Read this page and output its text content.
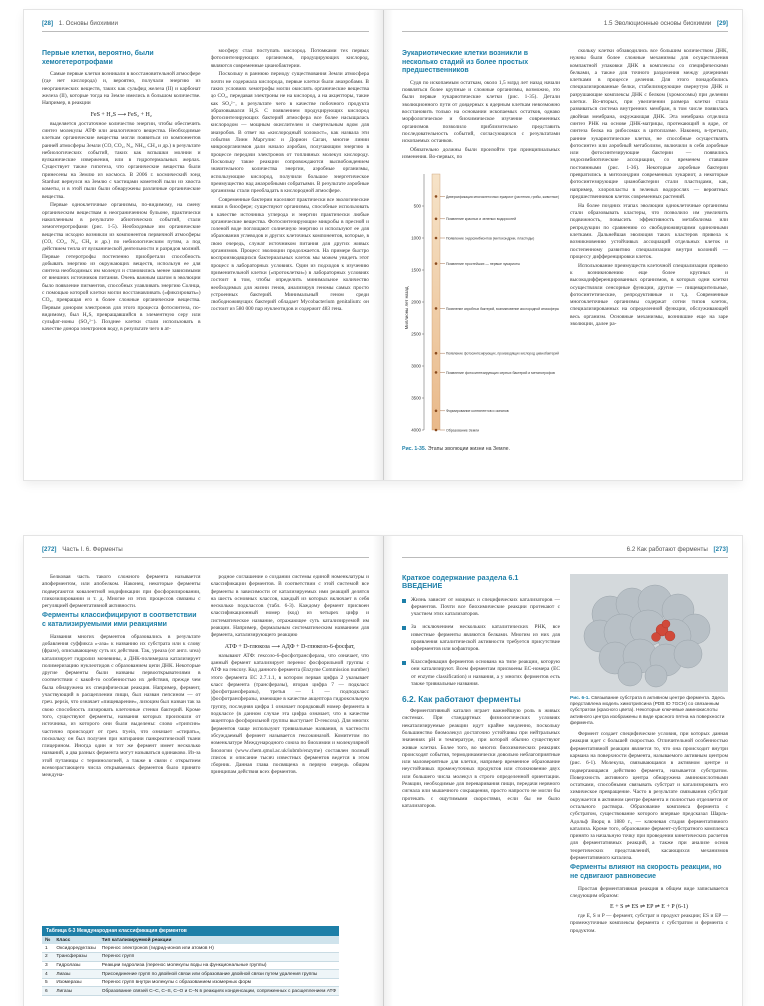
[28] 1. Основы биохимии
Первые клетки, вероятно, были хемогетеротрофами

Самые первые клетки возникали в восстановительной атмосфере (где нет кислорода) и, вероятно, получали энергию из неорганических веществ, таких как сульфид железа (II) и карбонат железа (II), которые тогда на Земле имелись в большом количестве. Например, в реакции

FeS + H₂S ⟶ FeS₂ + H₂

выделяется достаточное количество энергии, чтобы обеспечить синтез молекулы АТФ или аналогичного вещества. Необходимые клеткам органические вещества могли появиться из компонентов ранней атмосферы Земли (CO, CO₂, N₂, NH₃, CH₄ и др.) в результате небиологических событий, таких как вспышки молнии и вулканические извержения, или в гидротермальных жерлах. Существует также гипотеза, что органические вещества были принесены на Землю из космоса. В 2006 г. космический зонд Stardust вернулся на Землю с частицами кометной пыли из хвоста кометы, и в этой пыли были обнаружены различные органические вещества.

Первые одноклеточные организмы, по-видимому, на смену органическим веществам в неограниченном бульоне, практически накопленным в результате абиотических событий, стали хемогетеротрофами (рис. 1-5). Необходимые им органические вещества исходно возникли из компонентов первичной атмосферы (CO, CO₂, N₂, CH₄ и др.) по небиологическим путям, а под действием тепла от вулканической деятельности и разрядов молний. Первые гетеротрофы постепенно приобретали способность добывать энергию из окружающих веществ, используя ее для синтеза необходимых им молекул и становились менее зависимыми от внешних источников питания. Очень важным шагом в эволюции было появление пигментов, способных улавливать энергию Солнца, с помощью которой клетки могли восстанавливать («фиксировать») CO₂, превращая его в более сложные органические вещества. Первым донором электронов для этого процесса фотосинтеза, по-видимому, был H₂S, превращавшийся в элементную серу или сульфат-ионы (SO₄²⁻). Позднее клетки стали использовать в качестве донора электронов воду, в результате чего в ат-

мосферу стал поступать кислород. Потомками тех первых фотосинтезирующих организмов, продуцирующих кислород, являются современные цианобактерии.

Поскольку в раннюю периоду существования Земли атмосфера почти не содержала кислорода, первые клетки были анаэробами. В таких условиях хемотрофы могли окислять органические вещества до CO₂, передавая электроны не на кислород, а на акцепторы, такие как SO₄²⁻, в результате чего в качестве побочного продукта образовывался H₂S. С появлением продуцирующих кислород фотосинтезирующих бактерий атмосфера все более насыщалась кислородом — мощным окислителем и смертельным ядом для анаэробов. В ответ на «кислородный холокост», как назвала эти события Линн Маргулис и Дорион Саган, многие линии микроорганизмов дали начало аэробам, получающим энергию в процессе передачи электронов от топливных молекул кислороду. Поскольку такие реакции сопровождаются высвобождением значительного количества энергии, аэробные организмы, использующие кислород, получили большое энергетическое преимущество над анаэробными собратьями. В результате аэробные организмы стали преобладать в кислородной атмосфере.

Современные бактерии населяют практически все экологические ниши в биосфере; существуют организмы, способные использовать в качестве источника углерода и энергии практически любые органические вещества. Фотосинтезирующие микробы в пресной и соленой воде поглощают солнечную энергию и используют ее для образования углеводов и других клеточных компонентов, которые, в свою очередь, служат источником питания для других живых организмов. Процесс эволюции продолжается. На примере быстро воспроизводящихся бактериальных клеток мы можем увидеть этот процесс в лабораторных условиях. Один из подходов к изучению применительной клетки («протоклетки») в лабораторных условиях состоит в том, чтобы определить минимальное количество необходимых для жизни генов, анализируя геномы самых просто устроенных бактерий. Минимальный геном среди свободноживущих бактерий обладает Mycobacterium genitalium: он состоит из 580 000 пар нуклеотидов и содержит 483 гена.

1.5 Эволюционные основы биохимии [29]
Эукариотические клетки возникли в несколько стадий из более простых предшественников

Судя по ископаемым остаткам, около 1,5 млрд лет назад начали появляться более крупные и сложные организмы, возможно, это были первые эукариотические клетки (рис. 1-35). Детали эволюционного пути от доядерных к ядерным клеткам невозможно восстановить только на основании ископаемых остатков, однако морфологическое и биохимическое изучение современных организмов позволило приблизительно представить последовательность событий, согласующихся с результатами ископаемых останков.

Обязательно должны были произойти три принципиальных изменения. Во-первых, по

500
1000
1500
2000
2500
3000
3500
4000
Миллионы лет назад
Диверсификация многоклеточных эукариот (растения, грибы, животные)
Появление красных и зеленых водорослей
Появление эндосимбионтов (митохондрии, пластиды)
Появление простейших — первые эукариоты
Появление аэробных бактерий, возникновение кислородной атмосферы
Появление фотосинтезирующих, производящих кислород цианобактерий
Появление фотосинтезирующих серных бактерий и метанотрофов
Формирование континентов и океанов
Образование Земли
Рис. 1-35. Этапы эволюции жизни на Земле.

скольку клетки обзаводились все большим количеством ДНК, нужны были более сложные механизмы для осуществления компактной упаковки ДНК в комплексы со специфическими белками, а также для точного разделения между дочерними клетками в процессе деления. Для этого понадобились специализированные белки, стабилизирующие свернутую ДНК и разрушающие комплексы ДНК с белком (хромосомы) при делении клетки. Во-вторых, при увеличении размера клетки стала развиваться система внутренних мембран, в том числе появилась двойная мембрана, окружающая ДНК. Эта мембрана отделила синтез РНК на основе ДНК-матрицы, протекающий в ядре, от синтеза белка на рибосомах в цитоплазме. Наконец, в-третьих, ранние эукариотические клетки, не способные осуществлять фотосинтез или аэробный метаболизм, включили в себя аэробные или фотосинтезирующие бактерии — появились эндосимбиотические ассоциации, со временем ставшие постоянными (рис. 1-36). Некоторые аэробные бактерии превратились в митохондрии современных эукариот, а некоторые фотосинтезирующие цианобактерии стали пластидами, как, например, хлоропласты в зеленых водорослях — вероятных предшественников клеток современных растений.

На более поздних этапах эволюции одноклеточные организмы стали образовывать кластеры, что позволило им увеличить подвижность, повысить эффективность метаболизма или репродукции по сравнению со свободноживущими одиночными клетками. Дальнейшая эволюция таких кластеров привела к возникновению устойчивых ассоциаций отдельных клеток и постепенному развитию специализации внутри колоний — процессу дифференцировки клеток.

Использование преимуществ клеточной специализации привело к возникновению еще более крупных и высокодифференцированных организмов, в которых одни клетки осуществляли сенсорные функции, другие — пищеварительные, фотосинтетические, репродуктивные и т.д. Современные многоклеточные организмы содержат сотни типов клеток, специализированных на определенной функции, обслуживающей весь организм. Основные механизмы, возникшие еще на заре эволюции, далее ра-

[272] Часть I. 6. Ферменты

Белковая часть такого сложного фермента называется апоферментом, или апобелком. Наконец, некоторые ферменты подвергаются ковалентной модификации при фосфорилировании, гликозилировании и т. д. Многие из этих процессов связаны с регуляцией ферментативной активности.

Ферменты классифицируют в соответствии с катализируемыми ими реакциями

Названия многих ферментов образовались в результате добавления суффикса «-аза» к названию их субстрата или к слову (фразе), описывающему суть их действия. Так, уреаза (от англ. urea) катализирует гидролиз мочевины, а ДНК-полимераза катализирует полимеризацию нуклеотидов с образованием цепи ДНК. Некоторые другие ферменты были названы первооткрывателями в соответствии с какой-то особенностью их действия, прежде чем была обнаружена их специфическая реакция. Например, фермент, участвующий в расщеплении пищи, был назван пепсином — от греч. pepsis, что означает «пищеварение», лизоцим был назван так за свою способность лизировать клеточные стенки бактерий. Кроме того, существуют ферменты, названия которых произошли от источника, из которого они были выделены: слово «трипсин» частично происходит от греч. tryein, что означает «стирать», поскольку он был получен при натирании панкреатической ткани глицерином. Иногда один и тот же фермент имеет несколько названий, а два разных фермента могут называться одинаково. Из-за этой путаницы с терминологией, а также в связи с открытием всевозрастающего числа открываемых ферментов было принято междуна-

родное соглашение о создании системы единой номенклатуры и классификации ферментов. В соответствии с этой системой все ферменты в зависимости от катализируемых ими реакций делятся на шесть основных классов, каждый из которых включает в себя несколько подклассов (табл. 6-3). Каждому фермент присвоен классификационный номер (код) из четырех цифр и систематическое название, отражающее суть катализируемой им реакции. Например, формальным систематическим названием для фермента, катализирующего реакцию

АТФ + D-глюкоза ⟶ АДФ + D-глюкозо-6-фосфат,

называют АТФ: гексозо-6-фосфотрансфераза, что означает, что данный фермент катализирует перенос фосфорильной группы с АТФ на гексозу. Код данного фермента (Enzyme Commission number) этого фермента ЕС 2.7.1.1, в котором первая цифра 2 указывает класс фермента (трансферазы), вторая цифра 7 — подкласс (фосфотрансферазы), третья — 1 — подподкласс (фосфотрансферазы, имеющие в качестве акцептора гидроксильную группу, последняя цифра 1 означает порядковый номер фермента в подклассе (в данном случае эта цифра означает, что в качестве акцептора фосфорильной группы выступает D-гексоза). Для многих ферментов чаще используют тривиальные названия, в частности обсуждаемый фермент называется гексокиназой. Комитетом по номенклатуре Международного союза по биохимии и молекулярной биологии (www.chem.qmul.ac.uk/iubmb/enzyme) составлен полный список и описание тысяч известных ферментов ведется в этом сборник. Данная глава посвящена в первую очередь общим принципам действия всех ферментов.

Таблица 6-3 Международная классификация ферментов
№	Класс	Тип катализируемой реакции
1	Оксидоредуктазы	Перенос электронов (гидрид-ионов или атомов Н)
2	Трансферазы	Перенос групп
3	Гидролазы	Реакции гидролиза (перенос молекулы воды на функциональные группы)
4	Лиазы	Присоединение групп по двойной связи или образование двойной связи путем удаления группы
5	Изомеразы	Перенос групп внутри молекулы с образованием изомерных форм
6	Лигазы	Образование связей С–С, С–S, С–О и С–N в реакциях конденсации, сопряженных с расщеплением АТФ
6.2 Как работают ферменты [273]
Краткое содержание раздела 6.1 ВВЕДЕНИЕ
Жизнь зависит от мощных и специфических катализаторов — ферментов. Почти все биохимические реакции протекают с участием этих катализаторов.
За исключением нескольких каталитических РНК, все известные ферменты являются белками. Многим из них для проявления каталитической активности требуется присутствие коферментов или кофакторов.
Классификация ферментов основана на типе реакции, которую они катализируют. Всем ферментам присвоены ЕС-номера (ЕС от enzyme classification) и названия, а у многих ферментов есть также тривиальные названия.
6.2. Как работают ферменты

Ферментативный катализ играет важнейшую роль в живых системах. При стандартных физиологических условиях некатализируемые реакции идут крайне медленно, поскольку большинство биомолекул достаточно устойчивы при нейтральных значениях pH и температуре, при которой обычно существуют живые клетки. Более того, во многих биохимических реакциях происходят события, термодинамически довольно неблагоприятные или маловероятные для клетки, например временное образование неустойчивых промежуточных продуктов или столкновение двух или большего числа молекул в строго определенной ориентации. Реакции, необходимые для переваривания пищи, передачи нервного сигнала или мышечного сокращения, просто напросто не могли бы протекать с ощутимыми скоростями, если бы не было катализаторов.

Рис. 6-1. Связывание субстрата в активном центре фермента. Здесь представлена модель химотрипсина (PDB ID 7GCH) со связанным субстратом (красного цвета). Некоторые ключевые аминокислоты активного центра изображены в виде красного пятна на поверхности фермента.

Фермент создает специфические условия, при которых данная реакция идет с большей скоростью. Отличительной особенностью ферментативной реакции является то, что она происходит внутри кармана на поверхности фермента, называемого активным центром (рис. 6-1). Молекула, связывающаяся в активном центре и подвергающаяся действию фермента, называется субстратом. Поверхность активного центра обнаружена аминокислотными остатками, способными связывать субстрат и катализировать его химическое превращение. Часто в результате связывания субстрат окружается в активном центре фермента и полностью отделяется от остального раствора. Образование комплекса фермента с субстратом, существование которого впервые предсказал Шарль-Адольф Вюрц в 1880 г., — ключевая стадия ферментативного катализа. Кроме того, образование фермент-субстратного комплекса принято за начальную точку при проведении кинетических расчетов для ферментативных реакций, а также при анализе основ теоретических представлений, касающихся механизмов ферментативного катализа.

Ферменты влияют на скорость реакции, но не сдвигают равновесие

Простая ферментативная реакция в общем виде записывается следующим образом:

E + S ⇌ ES ⇌ EP ⇌ E + P (6-1)

где E, S и P — фермент, субстрат и продукт реакции; ES и EP — промежуточные комплексы фермента с субстратом и фермента с продуктом.
